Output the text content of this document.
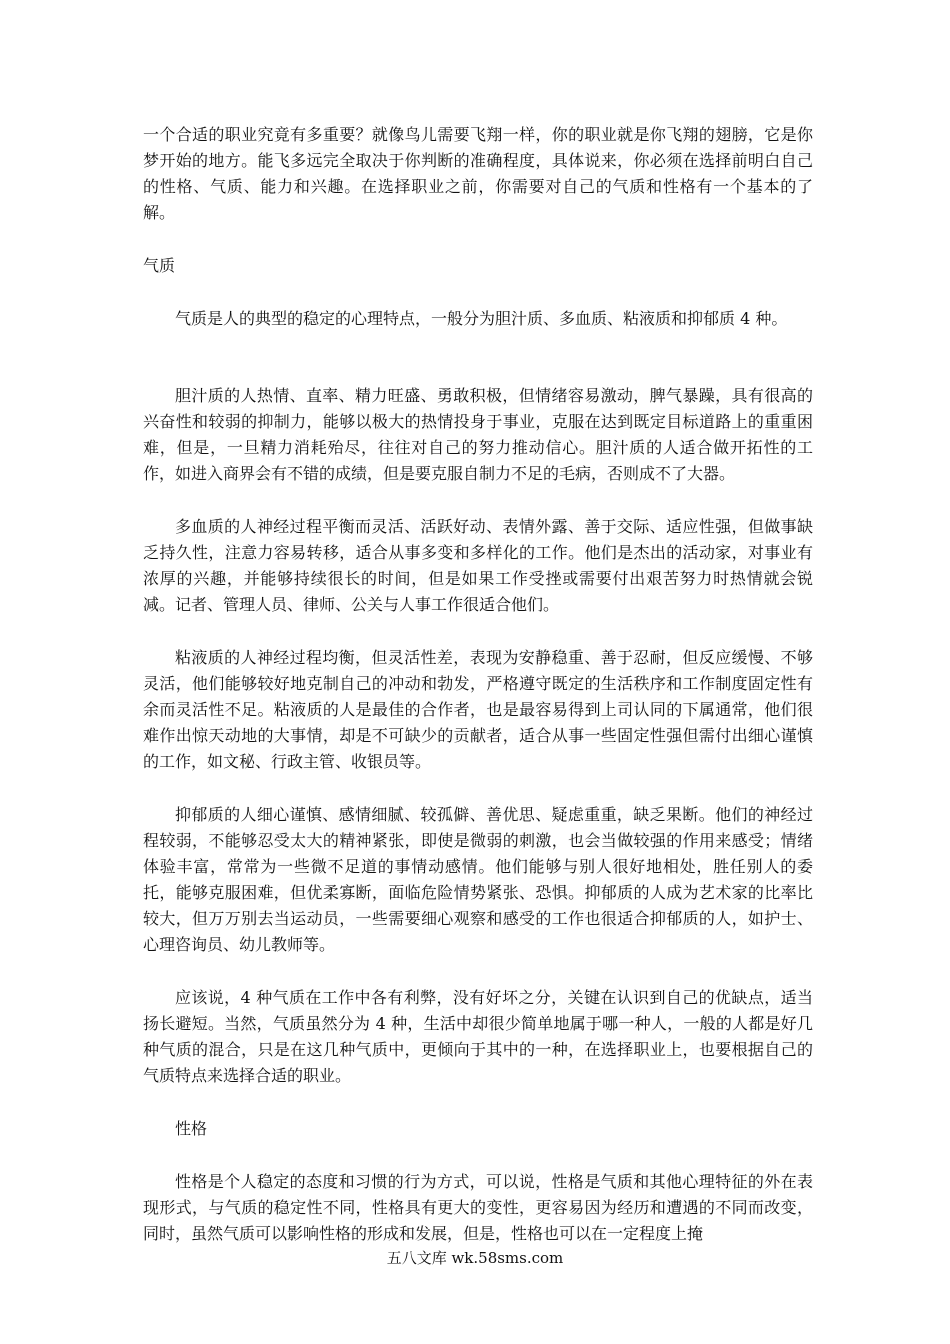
一个合适的职业究竟有多重要？就像鸟儿需要飞翔一样，你的职业就是你飞翔的翅膀，它是你梦开始的地方。能飞多远完全取决于你判断的准确程度，具体说来，你必须在选择前明白自己的性格、气质、能力和兴趣。在选择职业之前，你需要对自己的气质和性格有一个基本的了解。

气质

气质是人的典型的稳定的心理特点，一般分为胆汁质、多血质、粘液质和抑郁质 4 种。

胆汁质的人热情、直率、精力旺盛、勇敢积极，但情绪容易激动，脾气暴躁，具有很高的兴奋性和较弱的抑制力，能够以极大的热情投身于事业，克服在达到既定目标道路上的重重困难，但是，一旦精力消耗殆尽，往往对自己的努力推动信心。胆汁质的人适合做开拓性的工作，如进入商界会有不错的成绩，但是要克服自制力不足的毛病，否则成不了大器。

多血质的人神经过程平衡而灵活、活跃好动、表情外露、善于交际、适应性强，但做事缺乏持久性，注意力容易转移，适合从事多变和多样化的工作。他们是杰出的活动家，对事业有浓厚的兴趣，并能够持续很长的时间，但是如果工作受挫或需要付出艰苦努力时热情就会锐减。记者、管理人员、律师、公关与人事工作很适合他们。

粘液质的人神经过程均衡，但灵活性差，表现为安静稳重、善于忍耐，但反应缓慢、不够灵活，他们能够较好地克制自己的冲动和勃发，严格遵守既定的生活秩序和工作制度固定性有余而灵活性不足。粘液质的人是最佳的合作者，也是最容易得到上司认同的下属通常，他们很难作出惊天动地的大事情，却是不可缺少的贡献者，适合从事一些固定性强但需付出细心谨慎的工作，如文秘、行政主管、收银员等。

抑郁质的人细心谨慎、感情细腻、较孤僻、善优思、疑虑重重，缺乏果断。他们的神经过程较弱，不能够忍受太大的精神紧张，即使是微弱的刺激，也会当做较强的作用来感受；情绪体验丰富，常常为一些微不足道的事情动感情。他们能够与别人很好地相处，胜任别人的委托，能够克服困难，但优柔寡断，面临危险情势紧张、恐惧。抑郁质的人成为艺术家的比率比较大，但万万别去当运动员，一些需要细心观察和感受的工作也很适合抑郁质的人，如护士、心理咨询员、幼儿教师等。

应该说，4 种气质在工作中各有利弊，没有好坏之分，关键在认识到自己的优缺点，适当扬长避短。当然，气质虽然分为 4 种，生活中却很少简单地属于哪一种人，一般的人都是好几种气质的混合，只是在这几种气质中，更倾向于其中的一种，在选择职业上，也要根据自己的气质特点来选择合适的职业。

性格

性格是个人稳定的态度和习惯的行为方式，可以说，性格是气质和其他心理特征的外在表现形式，与气质的稳定性不同，性格具有更大的变性，更容易因为经历和遭遇的不同而改变，同时，虽然气质可以影响性格的形成和发展，但是，性格也可以在一定程度上掩

五八文库 wk.58sms.com
